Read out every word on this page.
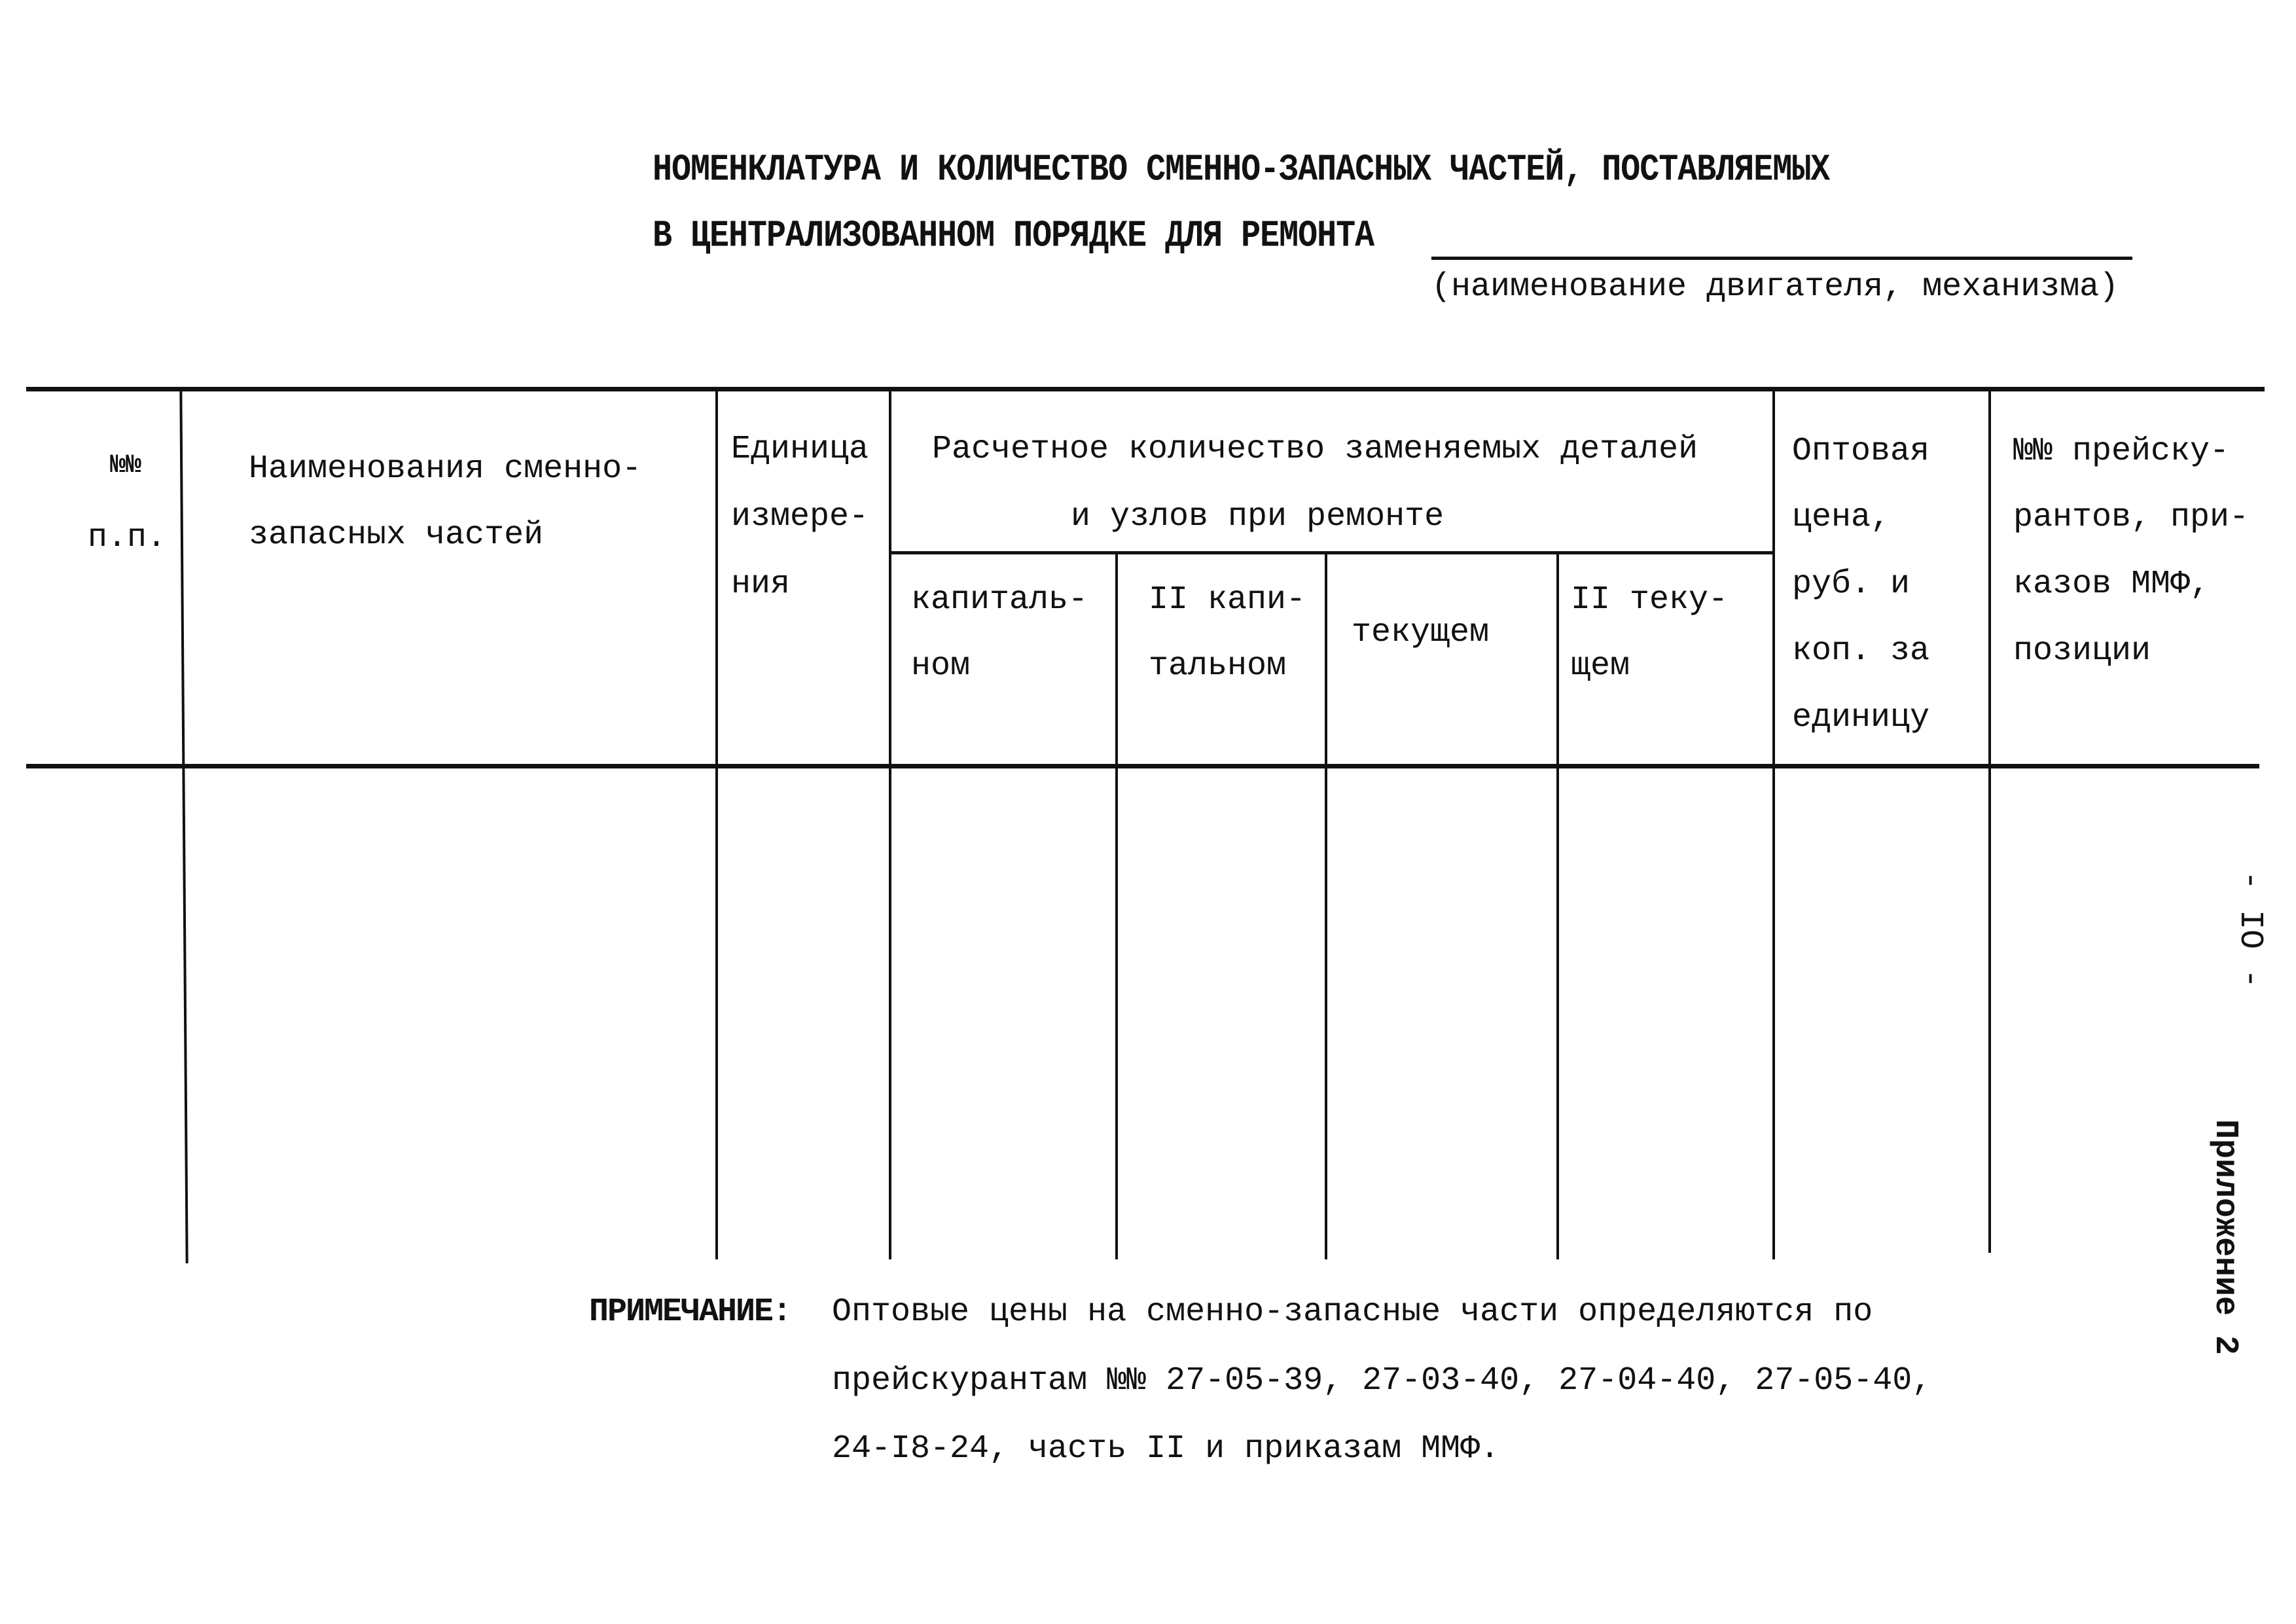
НОМЕНКЛАТУРА И КОЛИЧЕСТВО СМЕННО-ЗАПАСНЫХ ЧАСТЕЙ, ПОСТАВЛЯЕМЫХ
В ЦЕНТРАЛИЗОВАННОМ ПОРЯДКЕ ДЛЯ РЕМОНТА
(наименование двигателя, механизма)
№№
п.п.
Наименования сменно-
запасных частей
Единица
измере-
ния
Расчетное количество заменяемых деталей
и узлов при ремонте
капиталь-
ном
II капи-
тальном
текущем
II теку-
щем
Оптовая
цена,
руб. и
коп. за
единицу
№№ прейску-
рантов, при-
казов ММФ,
позиции
ПРИМЕЧАНИЕ: Оптовые цены на сменно-запасные части определяются по
прейскурантам №№ 27-05-39, 27-03-40, 27-04-40, 27-05-40,
24-I8-24, часть II и приказам ММФ.
- IO -
Приложение 2
